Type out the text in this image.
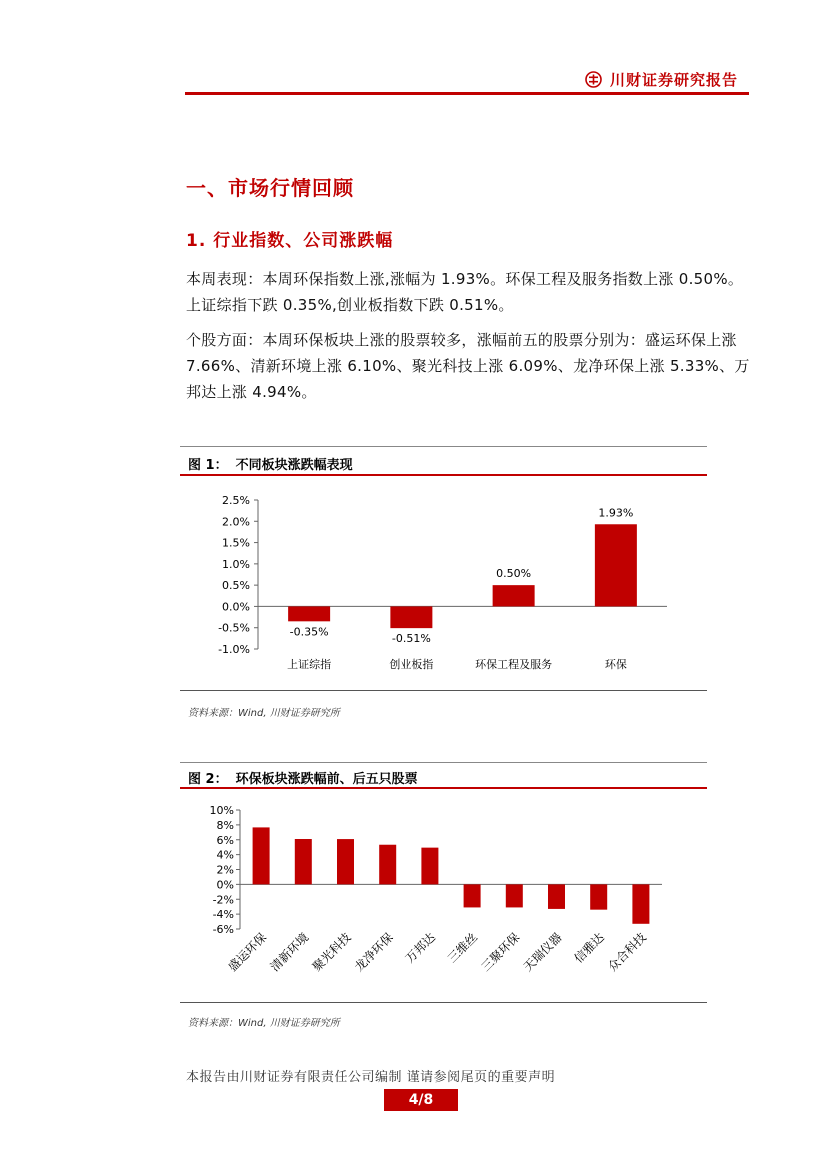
川财证券研究报告
一、市场行情回顾
1. 行业指数、公司涨跌幅
本周表现：本周环保指数上涨,涨幅为 1.93%。环保工程及服务指数上涨 0.50%。上证综指下跌 0.35%,创业板指数下跌 0.51%。
个股方面：本周环保板块上涨的股票较多，涨幅前五的股票分别为：盛运环保上涨 7.66%、清新环境上涨 6.10%、聚光科技上涨 6.09%、龙净环保上涨 5.33%、万邦达上涨 4.94%。
图 1： 不同板块涨跌幅表现
2.5%
2.0%
1.5%
1.0%
0.5%
0.0%
-0.5%
-1.0%
-0.35%
上证综指
-0.51%
创业板指
0.50%
环保工程及服务
1.93%
环保
资料来源：Wind, 川财证券研究所
图 2： 环保板块涨跌幅前、后五只股票
10%
8%
6%
4%
2%
0%
-2%
-4%
-6%
盛运环保
清新环境
聚光科技
龙净环保 万邦达 三维丝
三聚环保
天瑞仪器 信雅达
众合科技
资料来源：Wind, 川财证券研究所
本报告由川财证券有限责任公司编制 谨请参阅尾页的重要声明
4/8
